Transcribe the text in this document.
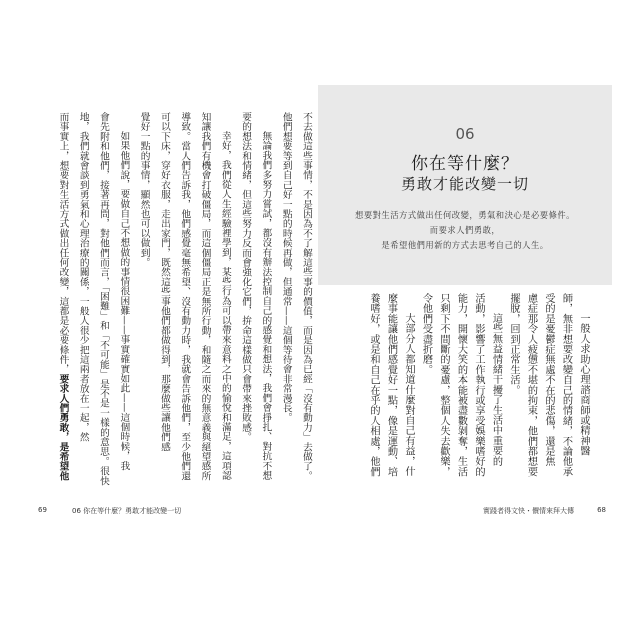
不去做這些事情，不是因為不了解這些事的價值，而是因為已經「沒有動力」去做了。
他們想要等到自己好一點的時候再做，但通常——這個等待會非常漫長。
無論我們多努力嘗試，都沒有辦法控制自己的感覺和想法，我們會掙扎、對抗不想
要的想法和情緒，但這些努力反而會強化它們，拚命這樣做只會帶來挫敗感。
幸好，我們從人生經驗裡學到，某些行為可以帶來意料之中的愉悅和滿足，這項認
知讓我們有機會打破僵局，而這個僵局正是無所行動，和隨之而來的無意義與絕望感所
導致。當人們告訴我，他們感覺毫無希望、沒有動力時，我就會告訴他們，至少他們還
可以下床，穿好衣服，走出家門，既然這些事他們都做得到，那麼做些讓他們感
覺好一點的事情，顯然也可以做到。
如果他們說，要做自己不想做的事情很困難——事實確實如此——這個時候，我
會先附和他們，接著再問，對他們而言，「困難」和「不可能」是不是一樣的意思。很快
地，我們就會談到勇氣和心理治療的關係，一般人很少把這兩者放在一起，然
而事實上，想要對生活方式做出任何改變，這都是必要條件，要求人們勇敢，是希望他
69	06 你在等什麼？勇敢才能改變一切
06
你在等什麼？
勇敢才能改變一切
想要對生活方式做出任何改變，勇氣和決心是必要條件。
而要求人們勇敢，
是希望他們用新的方式去思考自己的人生。
一般人求助心理諮商師或精神醫
師，無非想要改變自己的情緒，不論他承
受的是憂鬱症無處不在的悲傷，還是焦
慮症那令人疲憊不堪的拘束，他們都想要
擺脫，回到正常生活。
這些無益情緒干擾了生活中重要的
活動，影響了工作執行或享受娛樂嗜好的
能力，開懷大笑的本能被盡數剝奪，生活
只剩下不間斷的憂慮，整個人失去歡樂，
令他們受盡折磨。
大部分人都知道什麼對自己有益，什
麼事能讓他們感覺好一點，像是運動、培
養嗜好，或是和自己在乎的人相處，他們
實踐者得文快・價情來拜大傳	68
